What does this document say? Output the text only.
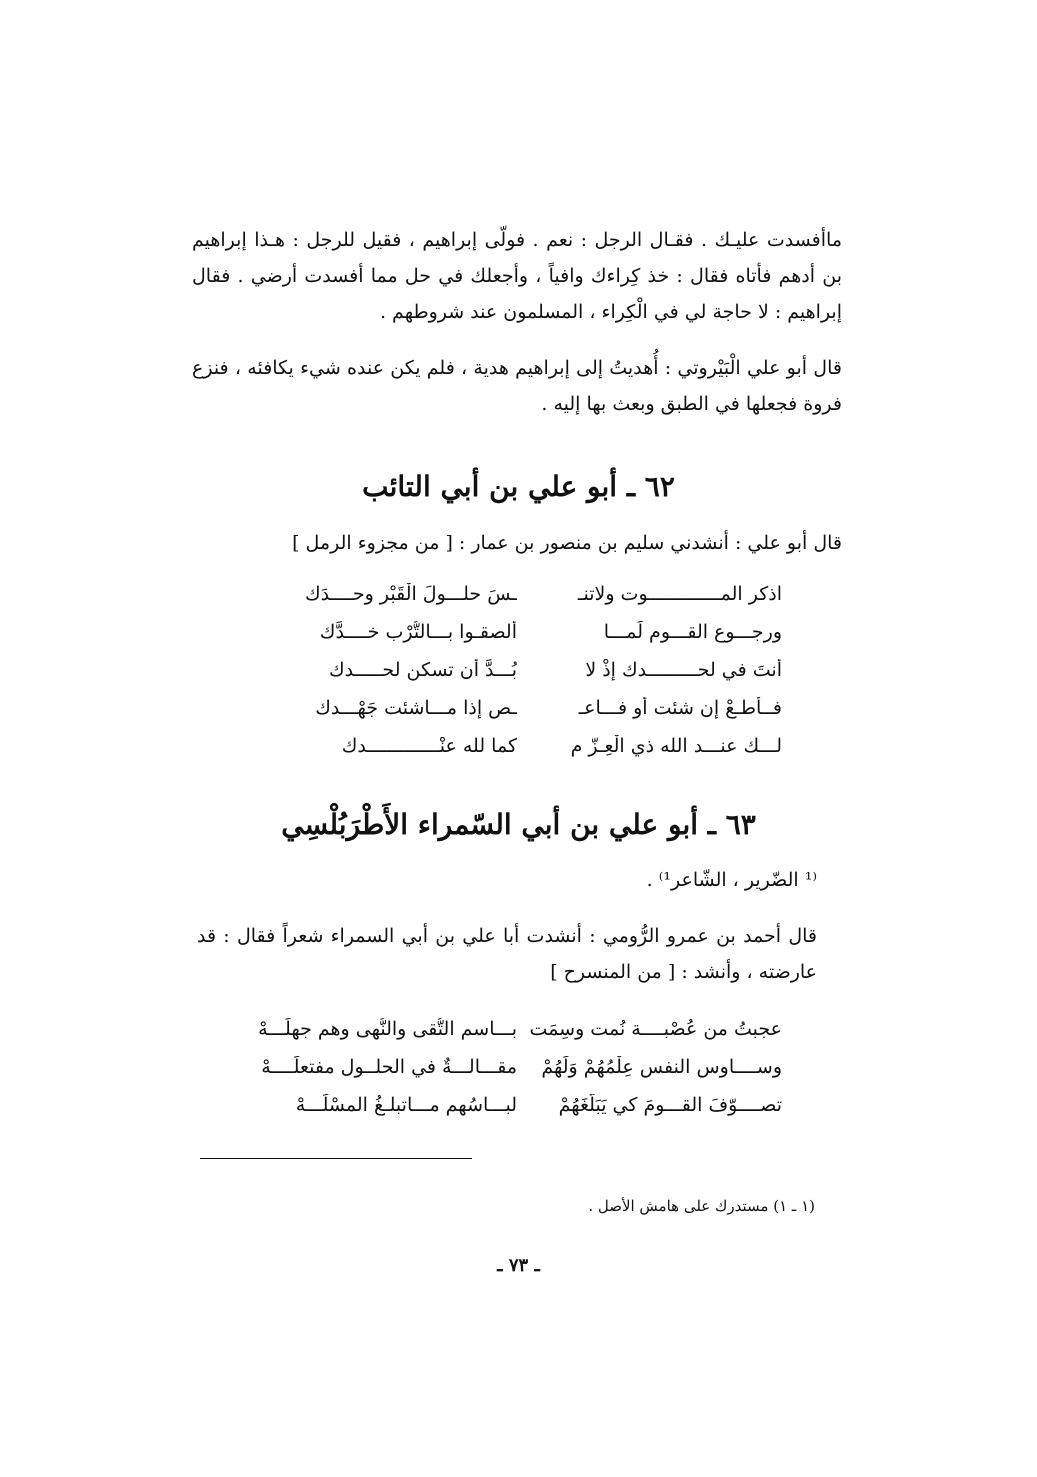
ماأفسدت عليـك . فقـال الرجل : نعم . فولّى إبراهيم ، فقيل للرجل : هـذا إبراهيم بن أدهم فأتاه فقال : خذ كِراءك وافياً ، وأجعلك في حل مما أفسدت أرضي . فقال إبراهيم : لا حاجة لي في الْكِراء ، المسلمون عند شروطهم .

قال أبو علي الْبَيْروتي : أُهديتُ إلى إبراهيم هدية ، فلم يكن عنده شيء يكافئه ، فنزع فروة فجعلها في الطبق وبعث بها إليه .

٦٢ ـ أبو علي بن أبي التائب

قال أبو علي : أنشدني سليم بن منصور بن عمار : [ من مجزوء الرمل ]

اذكر المـــــــــــــوت ولاتنـ
ـسَ حلـــولَ الْقَبْر وحــــدَك
ورجـــوع القـــوم لَمـــا
ألصقـوا بـــالتُّرْب خــــدَّك
أنتَ في لحـــــــــدك إذْ لا
بُـــدَّ أن تسكن لحـــــدك
فــأطـعْ إن شئت أو فـــاعـ
ـص إذا مـــاشئت جَهْـــدك
لـــك عنـــد الله ذي الْعِـزّ م
كما لله عنْـــــــــــــدك
٦٣ ـ أبو علي بن أبي السّمراء الأَطْرَبُلْسِي

⁽¹ الضّرير ، الشّاعر¹⁾ .

قال أحمد بن عمرو الرُّومي : أنشدت أبا علي بن أبي السمراء شعراً فقال : قد عارضته ، وأنشد : [ من المنسرح ]

عجبتُ من عُصْبــــة نُمت وسِمَت
بـــاسم التُّقى والنُّهى وهم جهلَـــهْ
وســــاوس النفس عِلْمُهُمْ وَلَهُمْ
مقـــالـــةٌ في الحلــول مفتعلَــــهْ
تصــــوّفَ القـــومَ كي يَبَلّغَهُمْ
لبـــاسُهم مـــاتبلـغُ المسْلَـــهْ
(١ ـ ١) مستدرك على هامش الأصل .
ـ ٧٣ ـ
